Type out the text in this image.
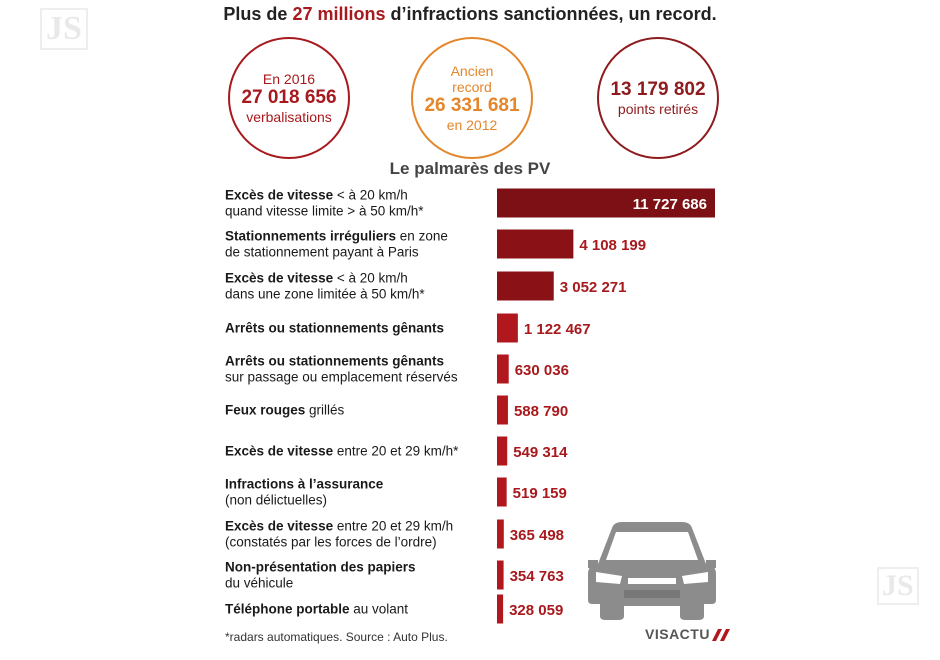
JS
JS
Plus de 27 millions d’infractions sanctionnées, un record.
En 2016
27 018 656
verbalisations
Ancien record
26 331 681
en 2012
13 179 802
points retirés
Le palmarès des PV
Excès de vitesse < à 20 km/h
quand vitesse limite > à 50 km/h*
Stationnements irréguliers en zone
de stationnement payant à Paris
Excès de vitesse < à 20 km/h
dans une zone limitée à 50 km/h*
Arrêts ou stationnements gênants
Arrêts ou stationnements gênants
sur passage ou emplacement réservés
Feux rouges grillés
Excès de vitesse entre 20 et 29 km/h*
Infractions à l’assurance
(non délictuelles)
Excès de vitesse entre 20 et 29 km/h
(constatés par les forces de l’ordre)
Non-présentation des papiers
du véhicule
Téléphone portable au volant
11 727 686
4 108 199
3 052 271
1 122 467
630 036
588 790
549 314
519 159
365 498
354 763
328 059
*radars automatiques. Source : Auto Plus.	VISACTU
